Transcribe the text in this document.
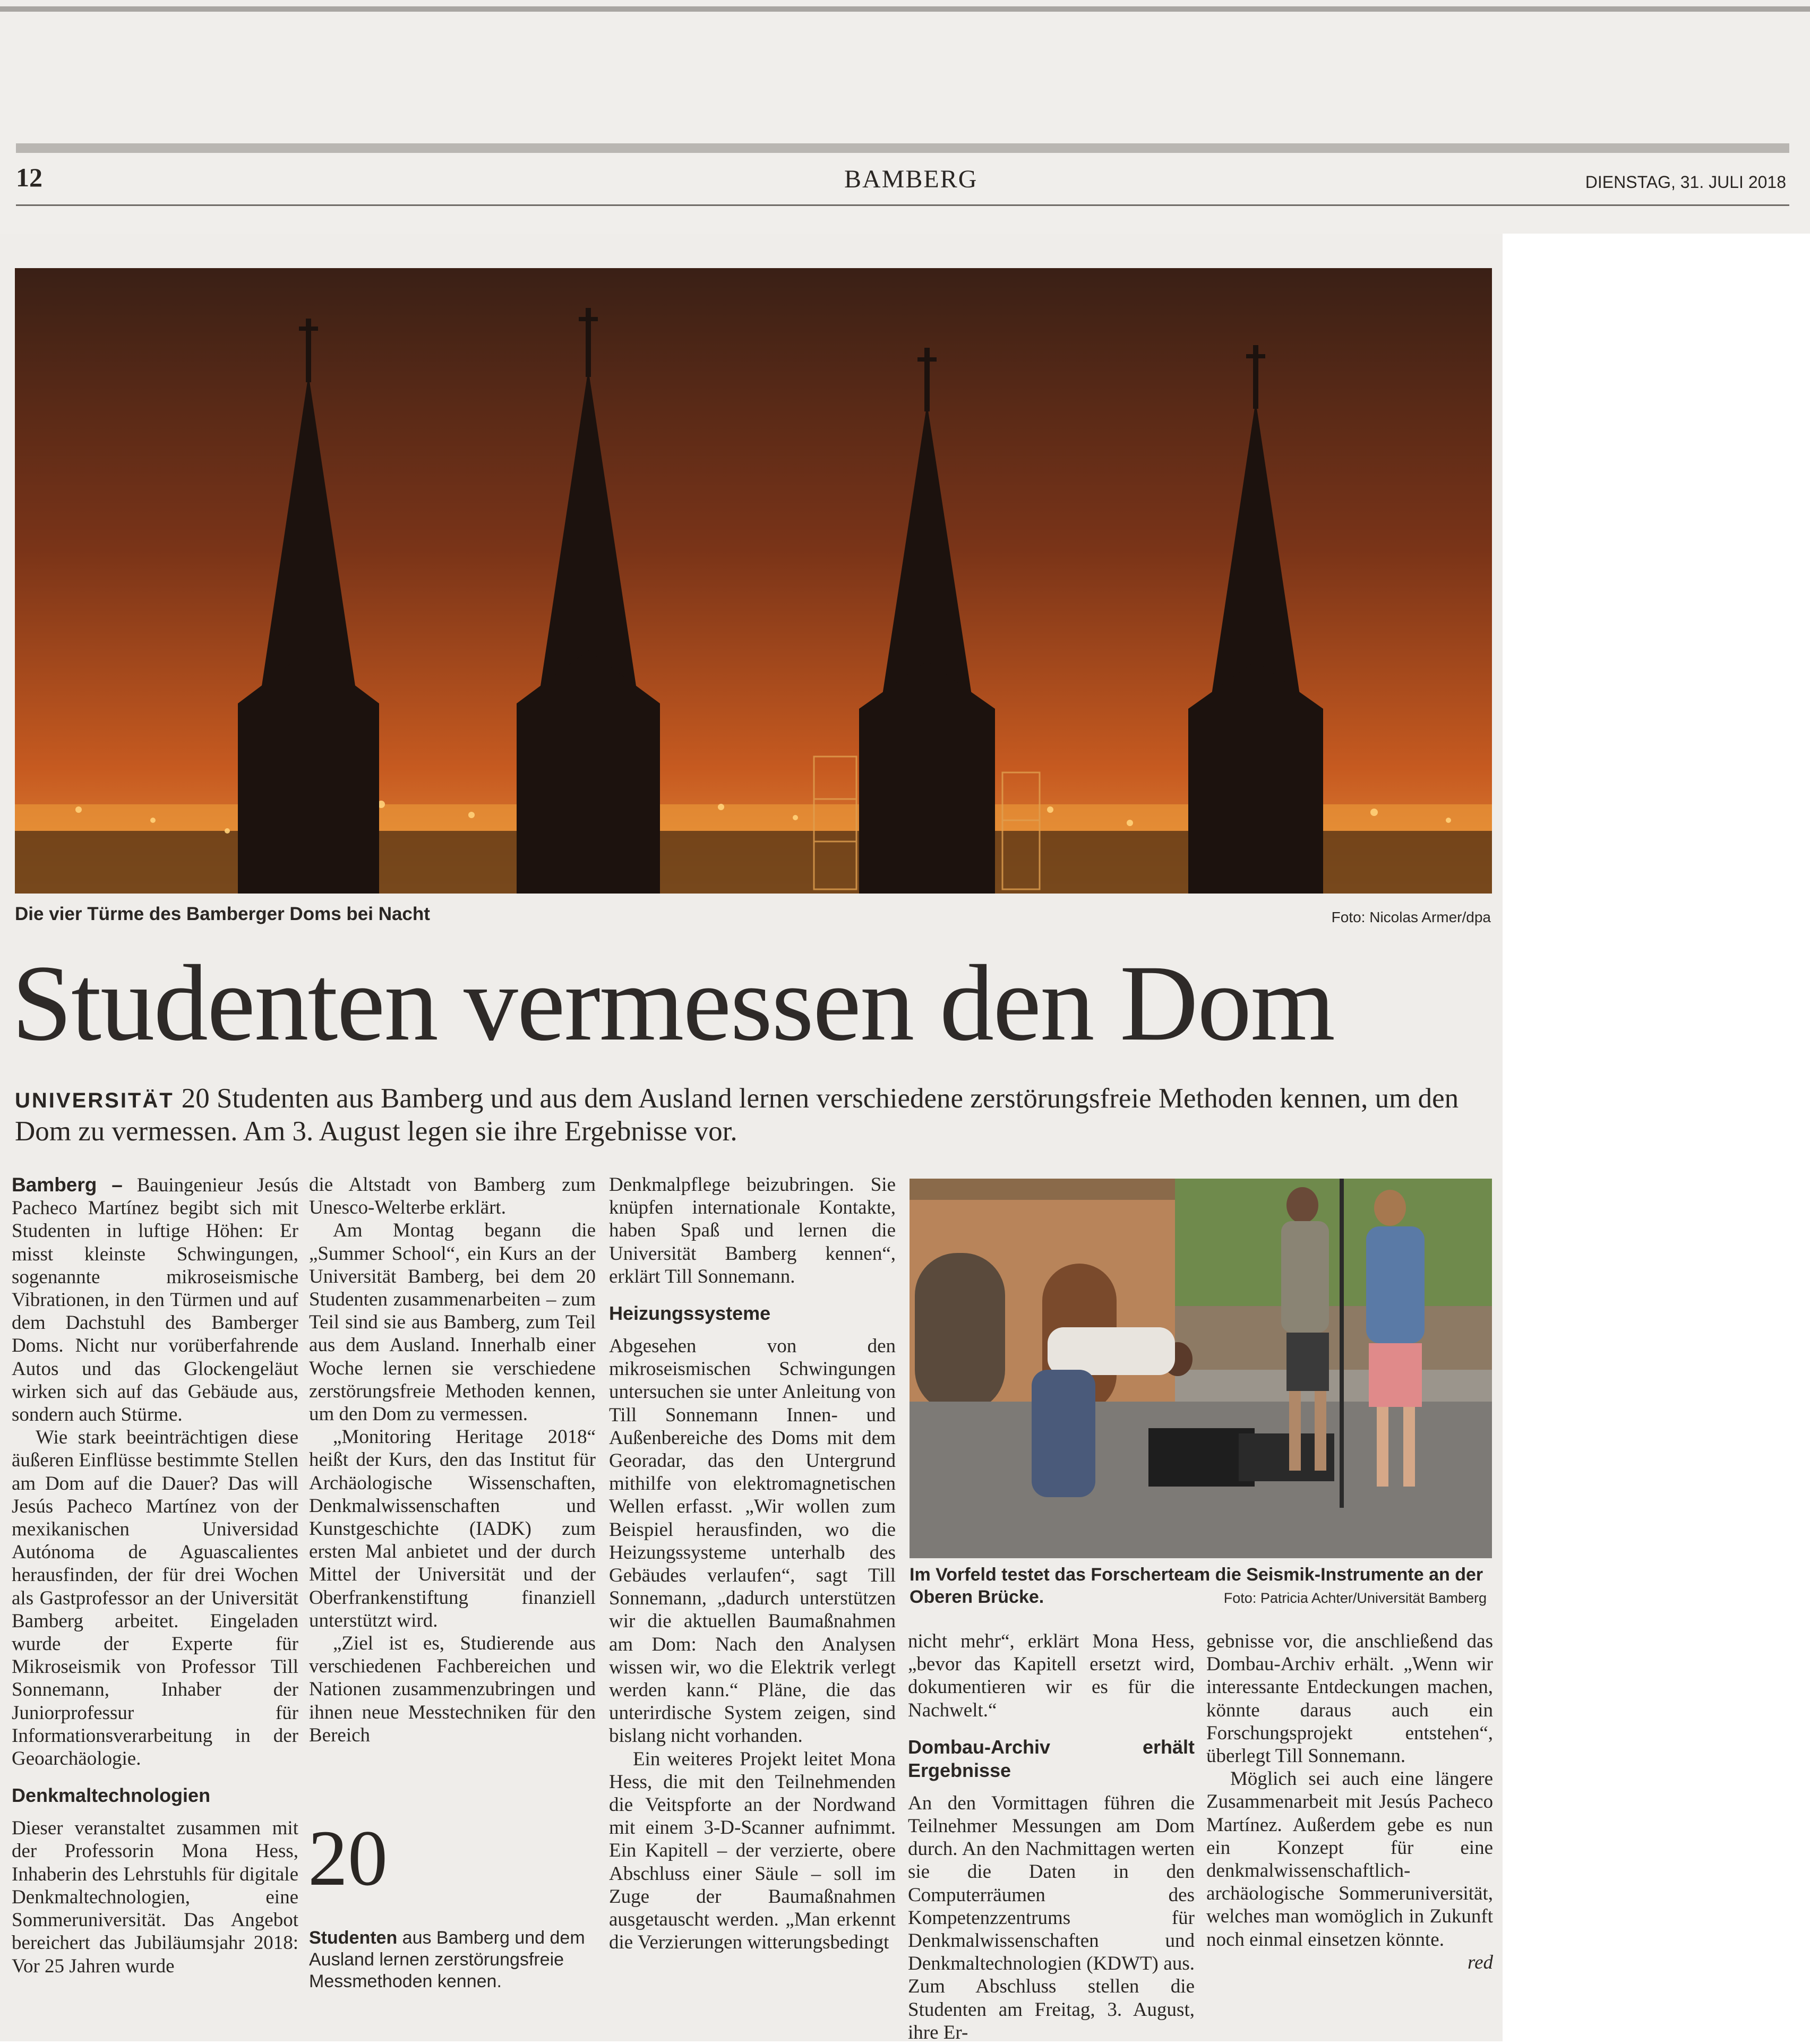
12	BAMBERG	DIENSTAG, 31. JULI 2018
Die vier Türme des Bamberger Doms bei Nacht	Foto: Nicolas Armer/dpa
Studenten vermessen den Dom
UNIVERSITÄT 20 Studenten aus Bamberg und aus dem Ausland lernen verschiedene zerstörungsfreie Methoden kennen, um den Dom zu vermessen. Am 3. August legen sie ihre Ergebnisse vor.

Bamberg – Bauingenieur Jesús Pacheco Martínez begibt sich mit Studenten in luftige Höhen: Er misst kleinste Schwingungen, sogenannte mikroseismische Vibrationen, in den Türmen und auf dem Dachstuhl des Bamberger Doms. Nicht nur vorüberfahrende Autos und das Glockengeläut wirken sich auf das Gebäude aus, sondern auch Stürme.

Wie stark beeinträchtigen diese äußeren Einflüsse bestimmte Stellen am Dom auf die Dauer? Das will Jesús Pacheco Martínez von der mexikanischen Universidad Autónoma de Aguascalientes herausfinden, der für drei Wochen als Gastprofessor an der Universität Bamberg arbeitet. Eingeladen wurde der Experte für Mikroseismik von Professor Till Sonnemann, Inhaber der Juniorprofessur für Informationsverarbeitung in der Geoarchäologie.

Denkmaltechnologien

Dieser veranstaltet zusammen mit der Professorin Mona Hess, Inhaberin des Lehrstuhls für digitale Denkmaltechnologien, eine Sommeruniversität. Das Angebot bereichert das Jubiläumsjahr 2018: Vor 25 Jahren wurde

die Altstadt von Bamberg zum Unesco-Welterbe erklärt.

Am Montag begann die „Summer School“, ein Kurs an der Universität Bamberg, bei dem 20 Studenten zusammenarbeiten – zum Teil sind sie aus Bamberg, zum Teil aus dem Ausland. Innerhalb einer Woche lernen sie verschiedene zerstörungsfreie Methoden kennen, um den Dom zu vermessen.

„Monitoring Heritage 2018“ heißt der Kurs, den das Institut für Archäologische Wissenschaften, Denkmalwissenschaften und Kunstgeschichte (IADK) zum ersten Mal anbietet und der durch Mittel der Universität und der Oberfrankenstiftung finanziell unterstützt wird.

„Ziel ist es, Studierende aus verschiedenen Fachbereichen und Nationen zusammenzubringen und ihnen neue Messtechniken für den Bereich

20
Studenten aus Bamberg und dem Ausland lernen zerstörungsfreie Messmethoden kennen.

Denkmalpflege beizubringen. Sie knüpfen internationale Kontakte, haben Spaß und lernen die Universität Bamberg kennen“, erklärt Till Sonnemann.

Heizungssysteme

Abgesehen von den mikroseismischen Schwingungen untersuchen sie unter Anleitung von Till Sonnemann Innen- und Außenbereiche des Doms mit dem Georadar, das den Untergrund mithilfe von elektromagnetischen Wellen erfasst. „Wir wollen zum Beispiel herausfinden, wo die Heizungssysteme unterhalb des Gebäudes verlaufen“, sagt Till Sonnemann, „dadurch unterstützen wir die aktuellen Baumaßnahmen am Dom: Nach den Analysen wissen wir, wo die Elektrik verlegt werden kann.“ Pläne, die das unterirdische System zeigen, sind bislang nicht vorhanden.

Ein weiteres Projekt leitet Mona Hess, die mit den Teilnehmenden die Veitspforte an der Nordwand mit einem 3-D-Scanner aufnimmt. Ein Kapitell – der verzierte, obere Abschluss einer Säule – soll im Zuge der Baumaßnahmen ausgetauscht werden. „Man erkennt die Verzierungen witterungsbedingt

Im Vorfeld testet das Forscherteam die Seismik-Instrumente an der Oberen Brücke.	Foto: Patricia Achter/Universität Bamberg

nicht mehr“, erklärt Mona Hess, „bevor das Kapitell ersetzt wird, dokumentieren wir es für die Nachwelt.“

Dombau-Archiv erhält Ergebnisse

An den Vormittagen führen die Teilnehmer Messungen am Dom durch. An den Nachmittagen werten sie die Daten in den Computerräumen des Kompetenzzentrums für Denkmalwissenschaften und Denkmaltechnologien (KDWT) aus. Zum Abschluss stellen die Studenten am Freitag, 3. August, ihre Er-

gebnisse vor, die anschließend das Dombau-Archiv erhält. „Wenn wir interessante Entdeckungen machen, könnte daraus auch ein Forschungsprojekt entstehen“, überlegt Till Sonnemann.

Möglich sei auch eine längere Zusammenarbeit mit Jesús Pacheco Martínez. Außerdem gebe es nun ein Konzept für eine denkmalwissenschaftlich-archäologische Sommeruniversität, welches man womöglich in Zukunft noch einmal einsetzen könnte.

red
